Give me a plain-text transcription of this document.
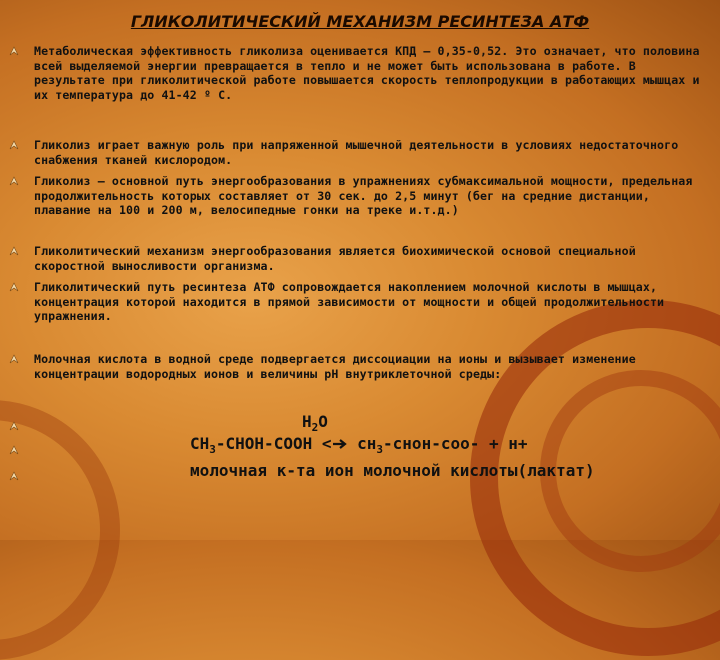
ГЛИКОЛИТИЧЕСКИЙ МЕХАНИЗМ РЕСИНТЕЗА АТФ
Метаболическая эффективность гликолиза оценивается КПД – 0,35-0,52. Это означает, что половина всей выделяемой энергии превращается в тепло и не может быть использована в работе. В результате при гликолитической работе повышается скорость теплопродукции в работающих мышцах и их температура до 41-42 º С.
Гликолиз играет важную роль при напряженной мышечной деятельности в условиях недостаточного снабжения тканей кислородом.
Гликолиз – основной путь энергообразования в упражнениях субмаксимальной мощности, предельная продолжительность которых составляет от 30 сек. до 2,5 минут (бег на средние дистанции, плавание на 100 и 200 м, велосипедные гонки на треке и.т.д.)
Гликолитический механизм энергообразования является биохимической основой специальной скоростной выносливости организма.
Гликолитический путь ресинтеза АТФ сопровождается накоплением молочной кислоты в мышцах, концентрация которой находится в прямой зависимости от мощности и общей продолжительности упражнения.
Молочная кислота в водной среде подвергается диссоциации на ионы и вызывает изменение концентрации водородных ионов и величины pH внутриклеточной среды:
$H_2O$
$CH_3-CHOH$-COOH < $сн_3-снон-соо- + н+$
молочная к-та ион молочной кислоты(лактат)
